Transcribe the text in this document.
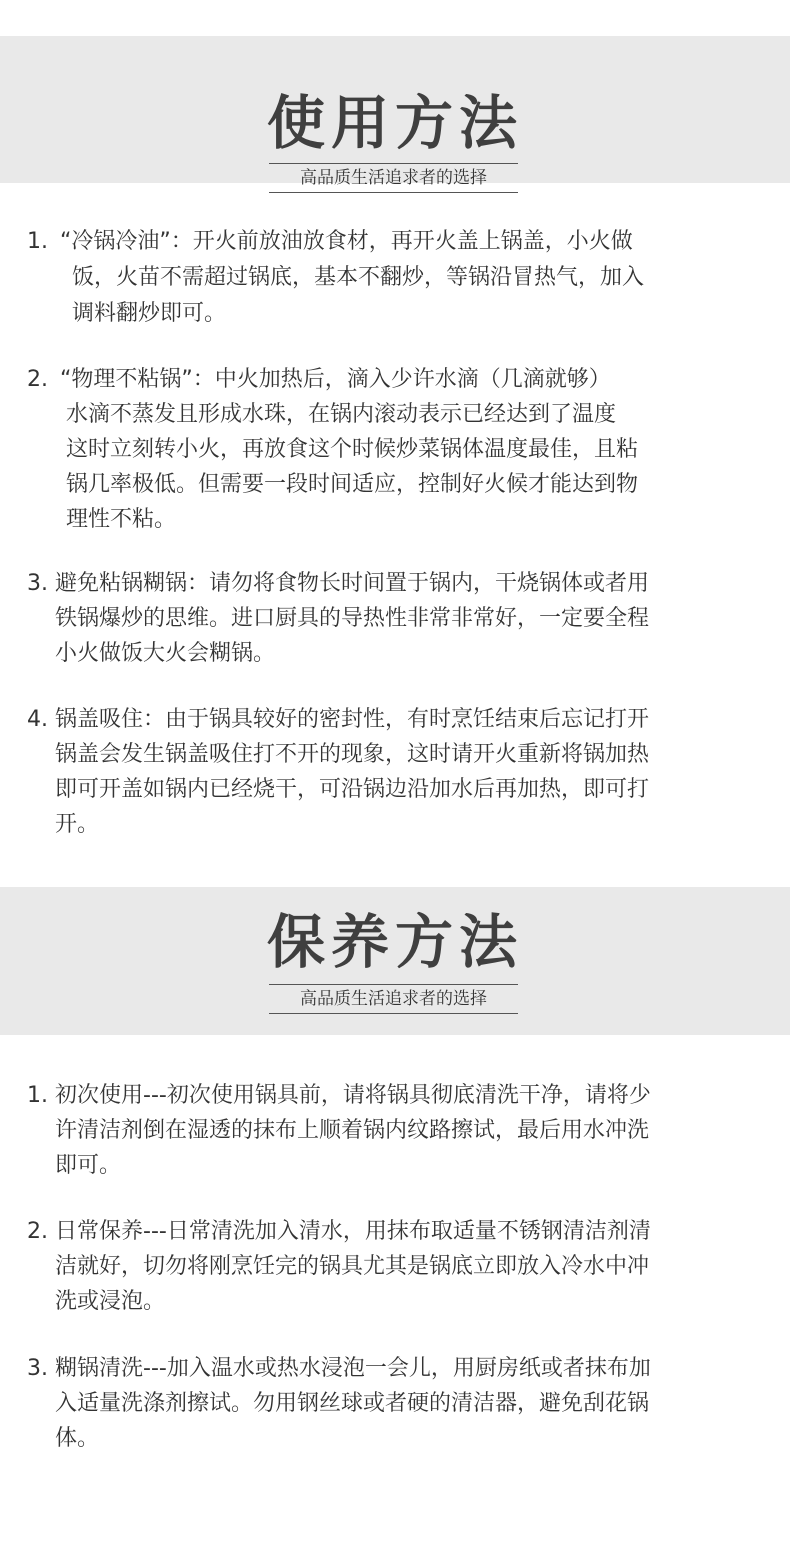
使用方法
高品质生活追求者的选择
1. “冷锅冷油”：开火前放油放食材，再开火盖上锅盖，小火做
饭，火苗不需超过锅底，基本不翻炒，等锅沿冒热气，加入
调料翻炒即可。
2. “物理不粘锅”：中火加热后，滴入少许水滴（几滴就够）
水滴不蒸发且形成水珠，在锅内滚动表示已经达到了温度
这时立刻转小火，再放食这个时候炒菜锅体温度最佳，且粘
锅几率极低。但需要一段时间适应，控制好火候才能达到物
理性不粘。
3. 避免粘锅糊锅：请勿将食物长时间置于锅内，干烧锅体或者用
铁锅爆炒的思维。进口厨具的导热性非常非常好，一定要全程
小火做饭大火会糊锅。
4. 锅盖吸住：由于锅具较好的密封性，有时烹饪结束后忘记打开
锅盖会发生锅盖吸住打不开的现象，这时请开火重新将锅加热
即可开盖如锅内已经烧干，可沿锅边沿加水后再加热，即可打
开。
保养方法
高品质生活追求者的选择
1. 初次使用---初次使用锅具前，请将锅具彻底清洗干净，请将少
许清洁剂倒在湿透的抹布上顺着锅内纹路擦试，最后用水冲洗
即可。
2. 日常保养---日常清洗加入清水，用抹布取适量不锈钢清洁剂清
洁就好，切勿将刚烹饪完的锅具尤其是锅底立即放入冷水中冲
洗或浸泡。
3. 糊锅清洗---加入温水或热水浸泡一会儿，用厨房纸或者抹布加
入适量洗涤剂擦试。勿用钢丝球或者硬的清洁器，避免刮花锅
体。
